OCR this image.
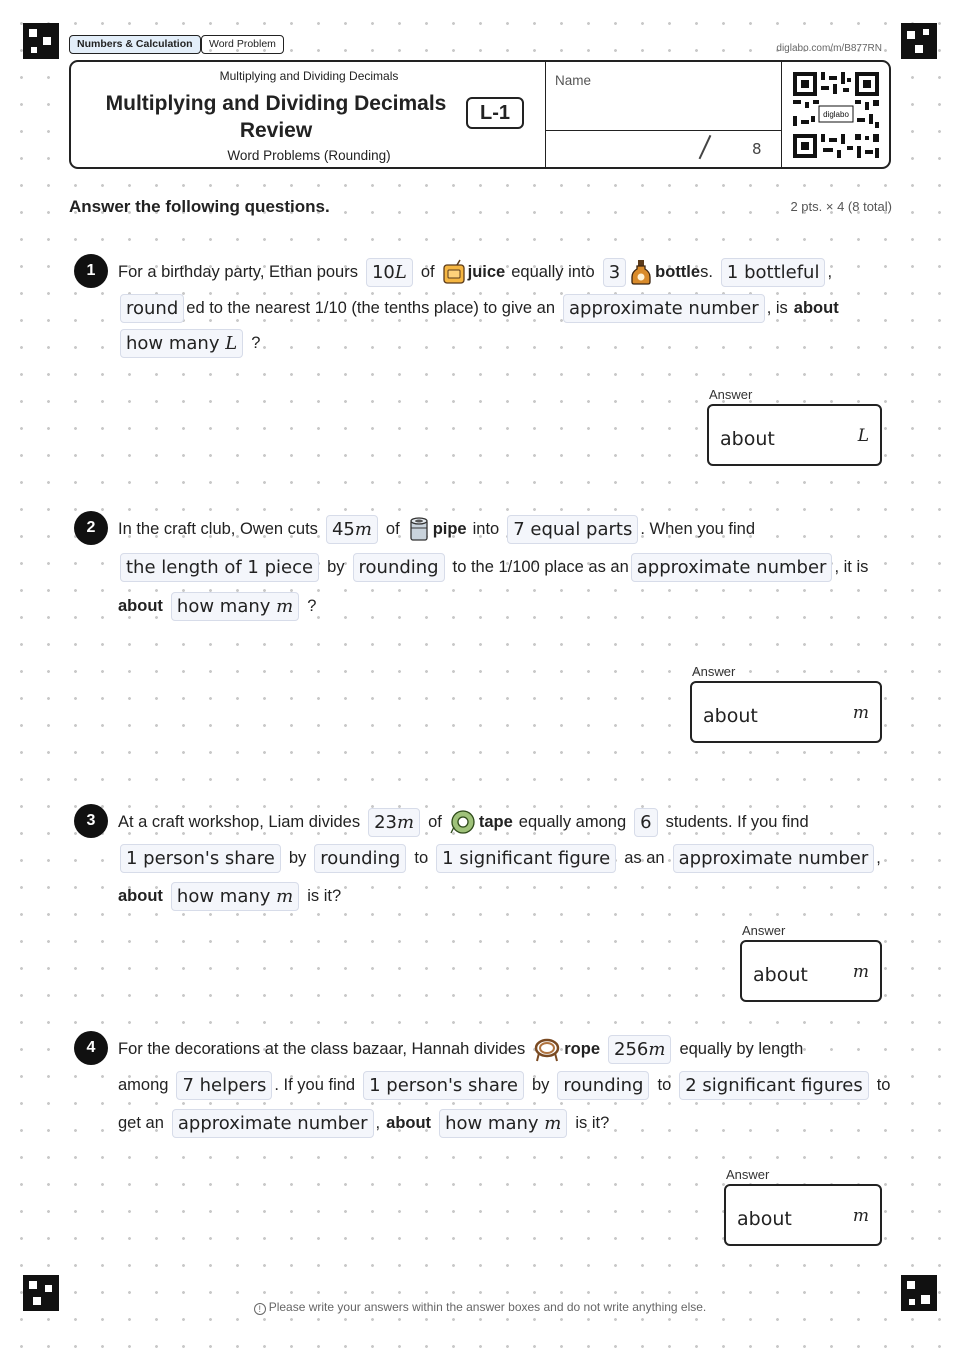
Numbers & Calculation	Word Problem	diglabo.com/m/B877RN
Multiplying and Dividing Decimals
Multiplying and Dividing Decimals
Review
L-1
Word Problems (Rounding)
Name
8
diglabo
Answer the following questions.	2 pts. × 4 (8 total)
1	For a birthday party, Ethan pours 10 L of juice equally into 3	bottle s. 1 bottleful ,
round ed to the nearest 1/10 (the tenths place) to give an approximate number , is about
how many
L ?
Answer
about	L
2	In the craft club, Owen cuts 45 m of pipe into 7 equal parts . When you find
the length of 1 piece by rounding to the 1/100 place as an approximate number , it is
about how many
m ?
Answer
about	m
3	At a craft workshop, Liam divides 23 m of tape equally among 6 students. If you find
1 person's share by rounding to 1 significant figure as an approximate number ,
about how many
m is it?
Answer
about	m
4	For the decorations at the class bazaar, Hannah divides rope 256 m equally by length
among 7 helpers . If you find 1 person's share by rounding to 2 significant figures to
get an approximate number , about how many
m is it?
Answer
about	m
! Please write your answers within the answer boxes and do not write anything else.
